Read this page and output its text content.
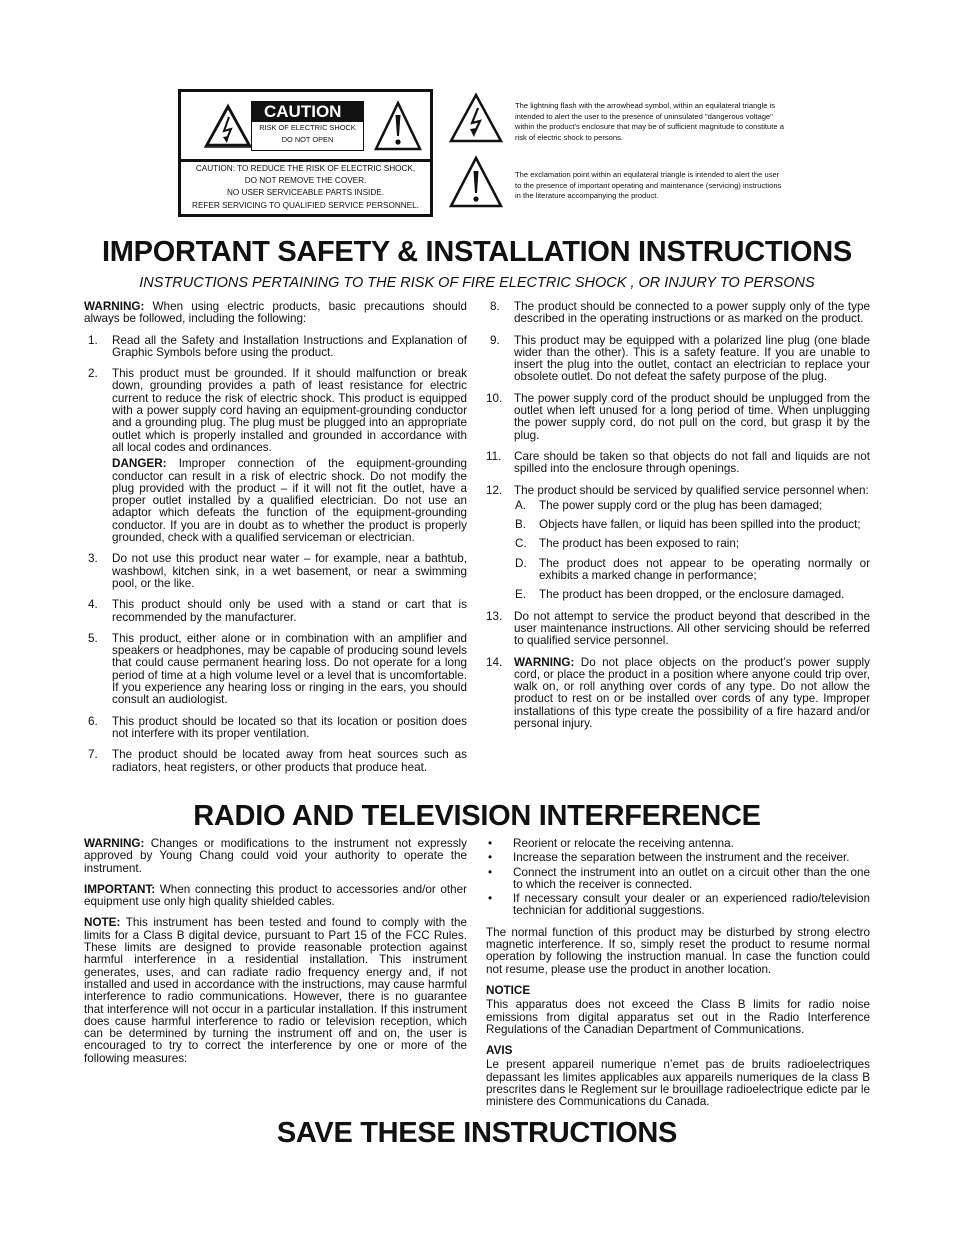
CAUTION
RISK OF ELECTRIC SHOCK
DO NOT OPEN
CAUTION: TO REDUCE THE RISK OF ELECTRIC SHOCK,
DO NOT REMOVE THE COVER.
NO USER SERVICEABLE PARTS INSIDE.
REFER SERVICING TO QUALIFIED SERVICE PERSONNEL.
The lightning flash with the arrowhead symbol, within an equilateral triangle is intended to alert the user to the presence of uninsulated "dangerous voltage" within the product's enclosure that may be of sufficient magnitude to constitute a risk of electric shock to persons.
The exclamation point within an equilateral triangle is intended to alert the user to the presence of important operating and maintenance (servicing) instructions in the literature accompanying the product.
IMPORTANT SAFETY & INSTALLATION INSTRUCTIONS
INSTRUCTIONS PERTAINING TO THE RISK OF FIRE ELECTRIC SHOCK , OR INJURY TO PERSONS

WARNING: When using electric products, basic precautions should always be followed, including the following:

1. Read all the Safety and Installation Instructions and Explanation of Graphic Symbols before using the product.
2. This product must be grounded. If it should malfunction or break down, grounding provides a path of least resistance for electric current to reduce the risk of electric shock. This product is equipped with a power supply cord having an equipment-grounding conductor and a grounding plug. The plug must be plugged into an appropriate outlet which is properly installed and grounded in accordance with all local codes and ordinances.
DANGER: Improper connection of the equipment-grounding conductor can result in a risk of electric shock. Do not modify the plug provided with the product – if it will not fit the outlet, have a proper outlet installed by a qualified electrician. Do not use an adaptor which defeats the function of the equipment-grounding conductor. If you are in doubt as to whether the product is properly grounded, check with a qualified serviceman or electrician.
3. Do not use this product near water – for example, near a bathtub, washbowl, kitchen sink, in a wet basement, or near a swimming pool, or the like.
4. This product should only be used with a stand or cart that is recommended by the manufacturer.
5. This product, either alone or in combination with an amplifier and speakers or headphones, may be capable of producing sound levels that could cause permanent hearing loss. Do not operate for a long period of time at a high volume level or a level that is uncomfortable. If you experience any hearing loss or ringing in the ears, you should consult an audiologist.
6. This product should be located so that its location or position does not interfere with its proper ventilation.
7. The product should be located away from heat sources such as radiators, heat registers, or other products that produce heat.
8. The product should be connected to a power supply only of the type described in the operating instructions or as marked on the product.
9. This product may be equipped with a polarized line plug (one blade wider than the other). This is a safety feature. If you are unable to insert the plug into the outlet, contact an electrician to replace your obsolete outlet. Do not defeat the safety purpose of the plug.
10. The power supply cord of the product should be unplugged from the outlet when left unused for a long period of time. When unplugging the power supply cord, do not pull on the cord, but grasp it by the plug.
11. Care should be taken so that objects do not fall and liquids are not spilled into the enclosure through openings.
12. The product should be serviced by qualified service personnel when:
A. The power supply cord or the plug has been damaged;
B. Objects have fallen, or liquid has been spilled into the product;
C. The product has been exposed to rain;
D. The product does not appear to be operating normally or exhibits a marked change in performance;
E. The product has been dropped, or the enclosure damaged.
13. Do not attempt to service the product beyond that described in the user maintenance instructions. All other servicing should be referred to qualified service personnel.
14. WARNING: Do not place objects on the product’s power supply cord, or place the product in a position where anyone could trip over, walk on, or roll anything over cords of any type. Do not allow the product to rest on or be installed over cords of any type. Improper installations of this type create the possibility of a fire hazard and/or personal injury.
RADIO AND TELEVISION INTERFERENCE

WARNING: Changes or modifications to the instrument not expressly approved by Young Chang could void your authority to operate the instrument.

IMPORTANT: When connecting this product to accessories and/or other equipment use only high quality shielded cables.

NOTE: This instrument has been tested and found to comply with the limits for a Class B digital device, pursuant to Part 15 of the FCC Rules. These limits are designed to provide reasonable protection against harmful interference in a residential installation. This instrument generates, uses, and can radiate radio frequency energy and, if not installed and used in accordance with the instructions, may cause harmful interference to radio communications. However, there is no guarantee that interference will not occur in a particular installation. If this instrument does cause harmful interference to radio or television reception, which can be determined by turning the instrument off and on, the user is encouraged to try to correct the interference by one or more of the following measures:

• Reorient or relocate the receiving antenna.
• Increase the separation between the instrument and the receiver.
• Connect the instrument into an outlet on a circuit other than the one to which the receiver is connected.
• If necessary consult your dealer or an experienced radio/television technician for additional suggestions.

The normal function of this product may be disturbed by strong electro magnetic interference. If so, simply reset the product to resume normal operation by following the instruction manual. In case the function could not resume, please use the product in another location.

NOTICE

This apparatus does not exceed the Class B limits for radio noise emissions from digital apparatus set out in the Radio Interference Regulations of the Canadian Department of Communications.

AVIS

Le present appareil numerique n’emet pas de bruits radioelectriques depassant les limites applicables aux appareils numeriques de la class B prescrites dans le Reglement sur le brouillage radioelectrique edicte par le ministere des Communications du Canada.

SAVE THESE INSTRUCTIONS
